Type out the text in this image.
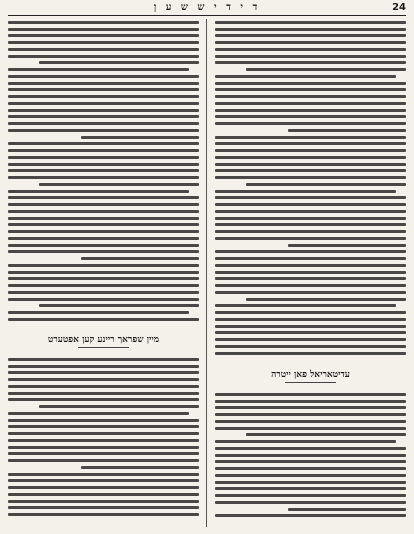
ד י ד י ש ש ע ן	24
עדיטאריאל פאן ייטרה
מיין שפראך ריינע קען אפטערט
